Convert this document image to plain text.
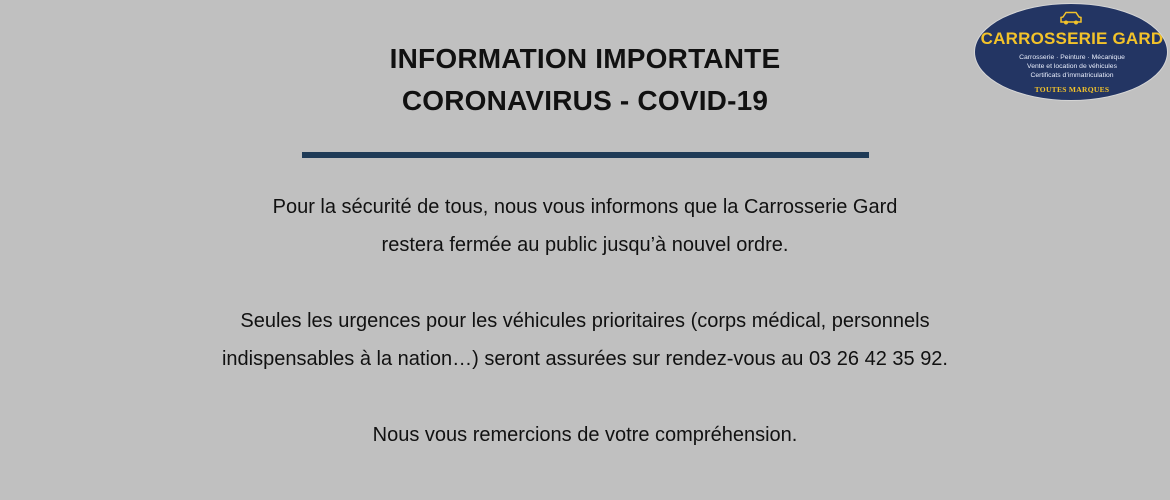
INFORMATION IMPORTANTE
CORONAVIRUS - COVID-19

Pour la sécurité de tous, nous vous informons que la Carrosserie Gard

restera fermée au public jusqu’à nouvel ordre.

Seules les urgences pour les véhicules prioritaires (corps médical, personnels

indispensables à la nation…) seront assurées sur rendez-vous au 03 26 42 35 92.

Nous vous remercions de votre compréhension.

CARROSSERIE GARD
Carrosserie · Peinture · Mécanique
Vente et location de véhicules
Certificats d’immatriculation
TOUTES MARQUES
